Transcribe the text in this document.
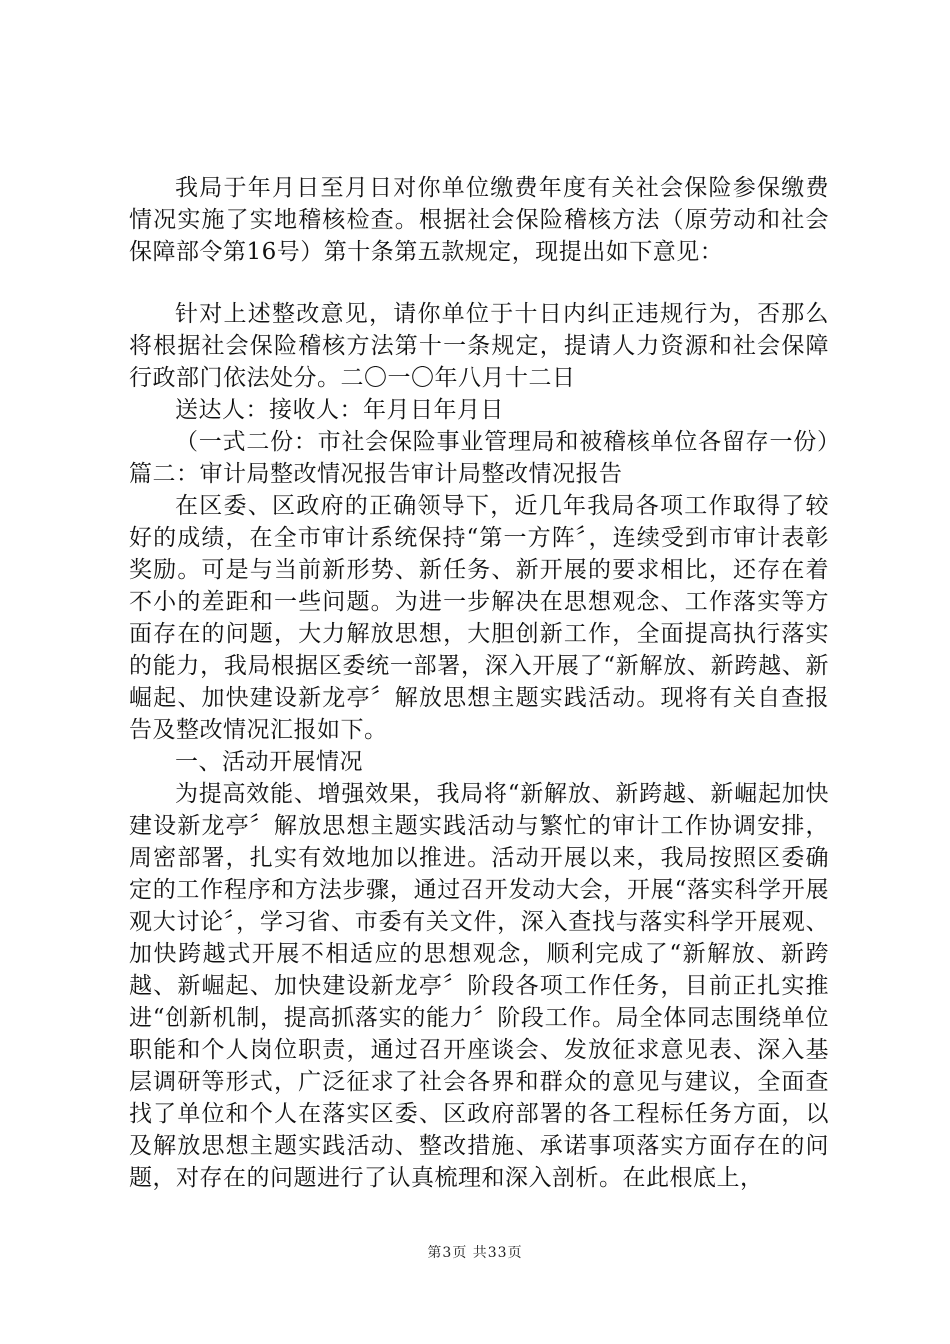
我局于年月日至月日对你单位缴费年度有关社会保险参保缴费情况实施了实地稽核检查。根据社会保险稽核方法（原劳动和社会保障部令第16号）第十条第五款规定，现提出如下意见：

针对上述整改意见，请你单位于十日内纠正违规行为，否那么将根据社会保险稽核方法第十一条规定，提请人力资源和社会保障行政部门依法处分。二〇一〇年八月十二日

送达人：接收人：年月日年月日

（一式二份：市社会保险事业管理局和被稽核单位各留存一份）篇二：审计局整改情况报告审计局整改情况报告

在区委、区政府的正确领导下，近几年我局各项工作取得了较好的成绩，在全市审计系统保持“第一方阵〞，连续受到市审计表彰奖励。可是与当前新形势、新任务、新开展的要求相比，还存在着不小的差距和一些问题。为进一步解决在思想观念、工作落实等方面存在的问题，大力解放思想，大胆创新工作，全面提高执行落实的能力，我局根据区委统一部署，深入开展了“新解放、新跨越、新崛起、加快建设新龙亭〞解放思想主题实践活动。现将有关自查报告及整改情况汇报如下。

一、活动开展情况

为提高效能、增强效果，我局将“新解放、新跨越、新崛起加快建设新龙亭〞解放思想主题实践活动与繁忙的审计工作协调安排，周密部署，扎实有效地加以推进。活动开展以来，我局按照区委确定的工作程序和方法步骤，通过召开发动大会，开展“落实科学开展观大讨论〞，学习省、市委有关文件，深入查找与落实科学开展观、加快跨越式开展不相适应的思想观念，顺利完成了“新解放、新跨越、新崛起、加快建设新龙亭〞阶段各项工作任务，目前正扎实推进“创新机制，提高抓落实的能力〞阶段工作。局全体同志围绕单位职能和个人岗位职责，通过召开座谈会、发放征求意见表、深入基层调研等形式，广泛征求了社会各界和群众的意见与建议，全面查找了单位和个人在落实区委、区政府部署的各工程标任务方面，以及解放思想主题实践活动、整改措施、承诺事项落实方面存在的问题，对存在的问题进行了认真梳理和深入剖析。在此根底上，

第3页 共33页
